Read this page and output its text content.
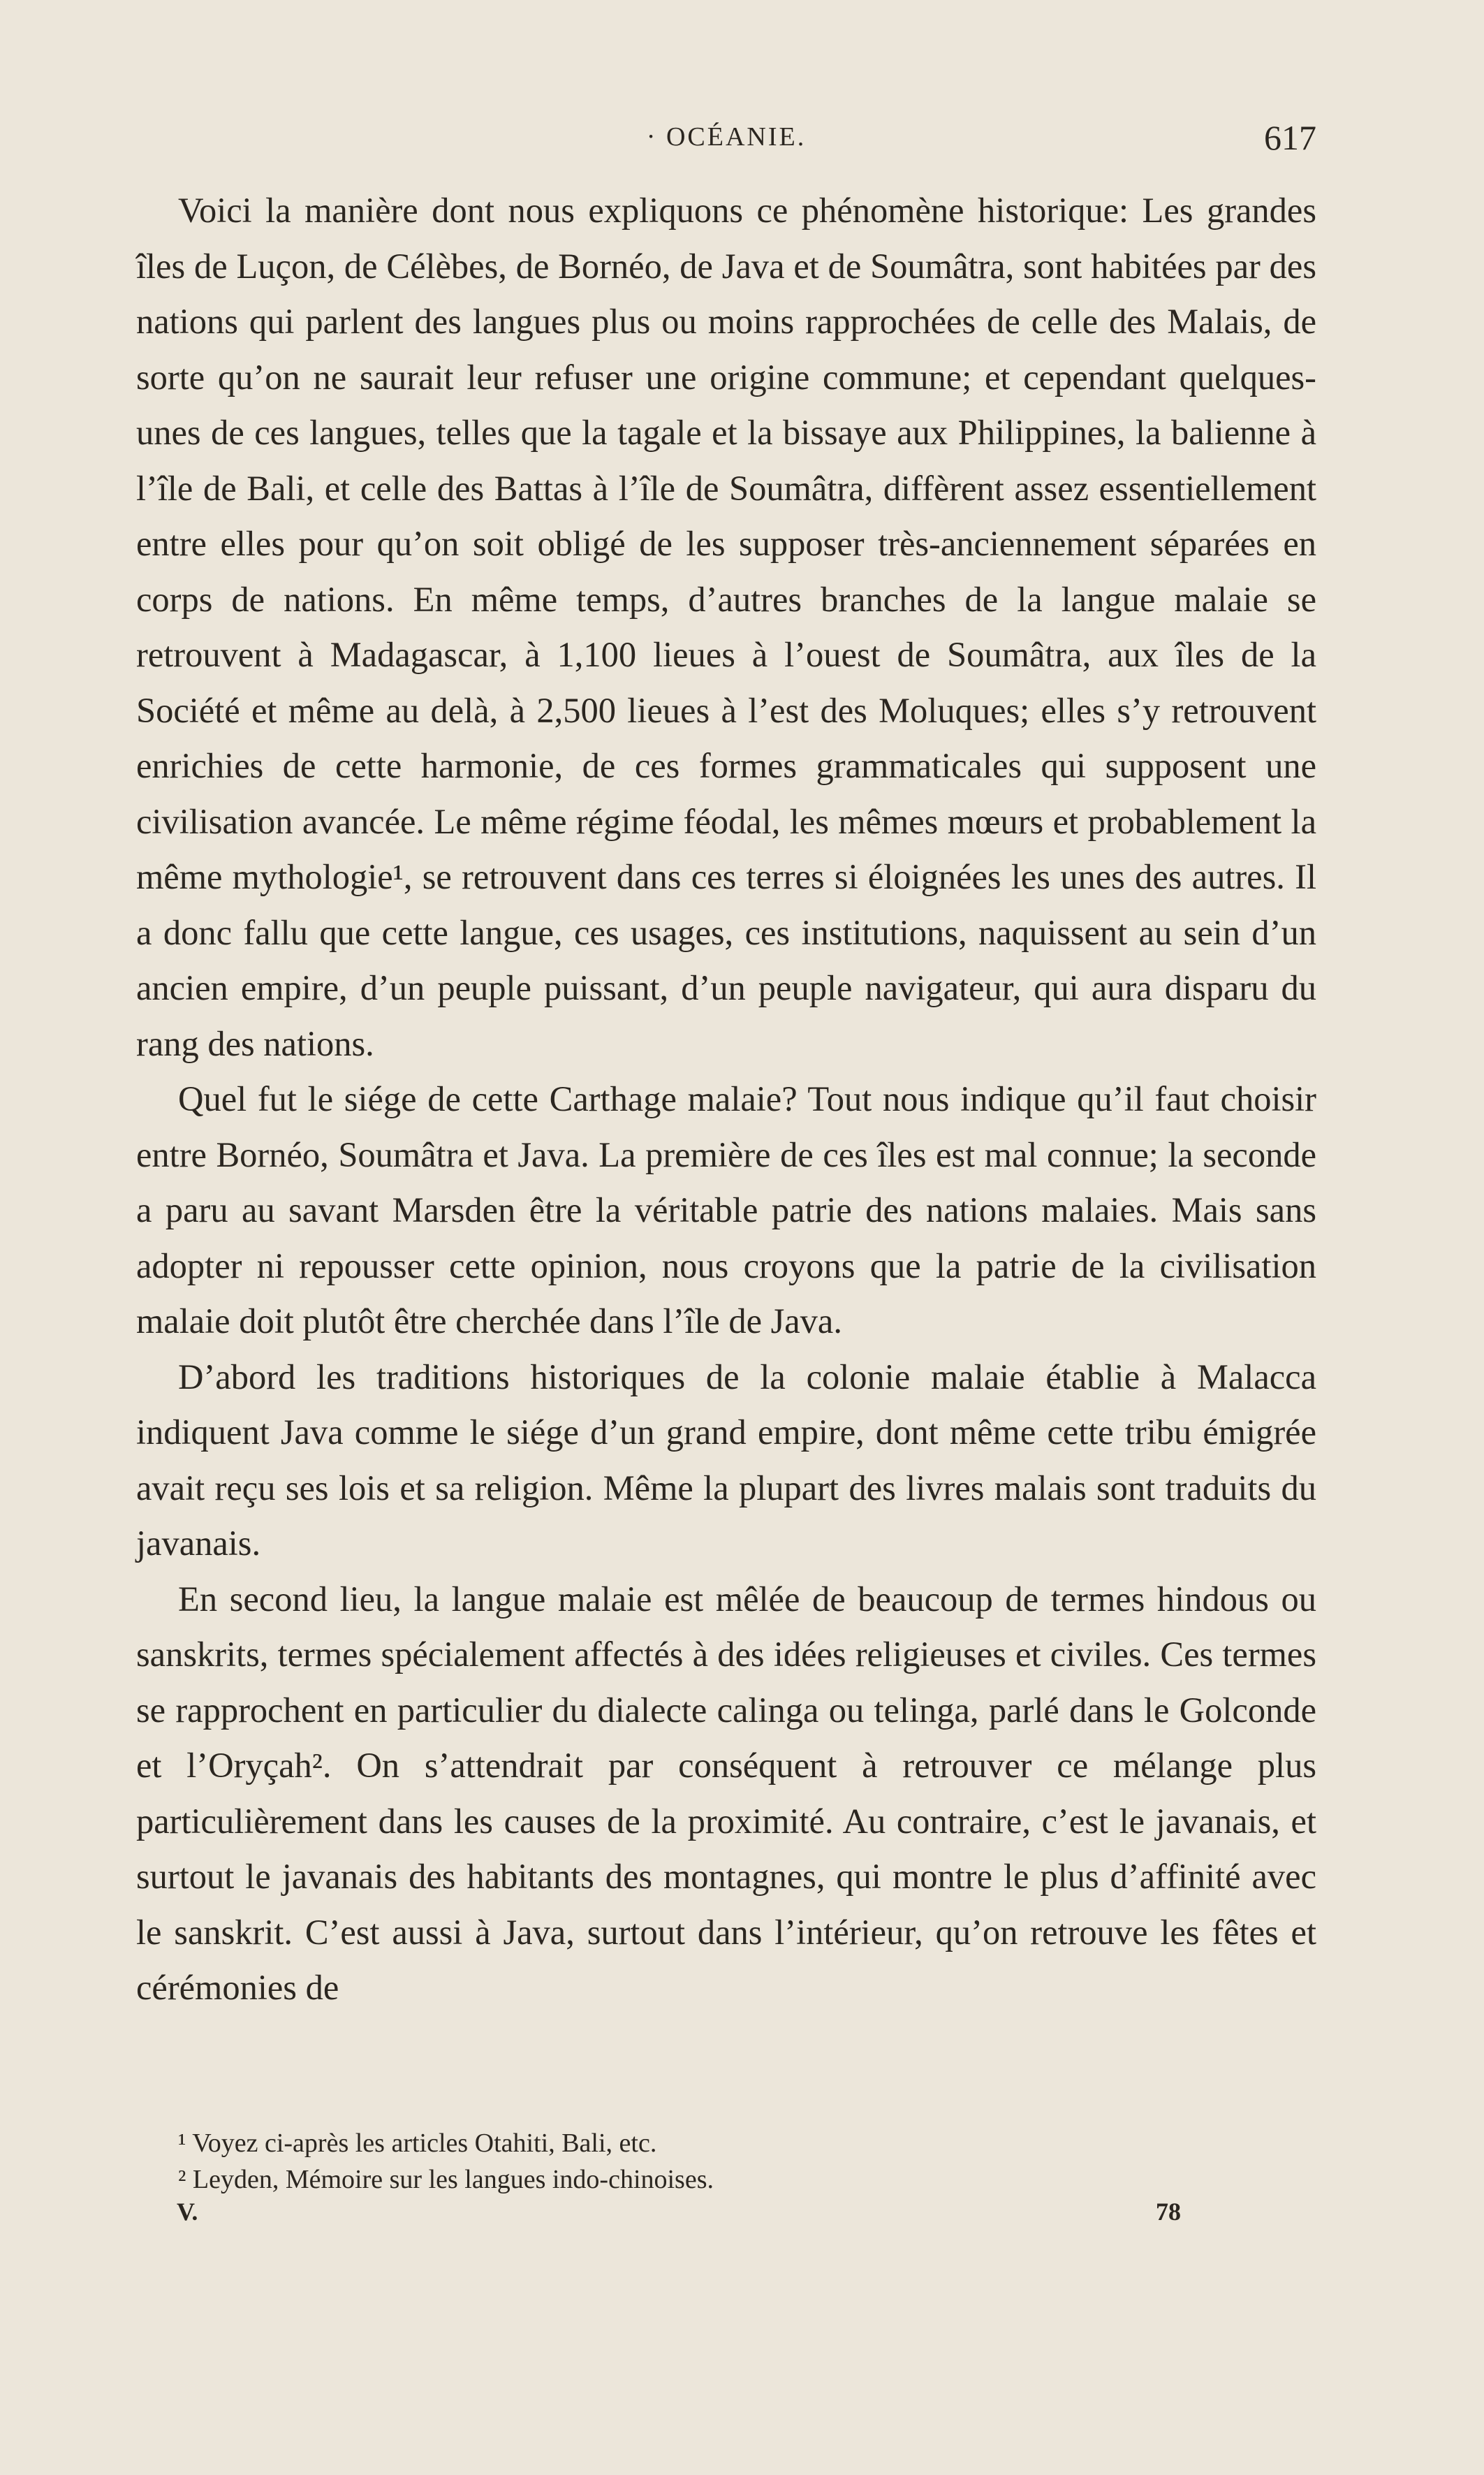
· OCÉANIE.	617

Voici la manière dont nous expliquons ce phénomène historique: Les grandes îles de Luçon, de Célèbes, de Bornéo, de Java et de Soumâtra, sont habitées par des nations qui parlent des langues plus ou moins rapprochées de celle des Malais, de sorte qu’on ne saurait leur refuser une origine commune; et cependant quelques-unes de ces langues, telles que la tagale et la bissaye aux Philippines, la balienne à l’île de Bali, et celle des Battas à l’île de Soumâtra, diffèrent assez essentiellement entre elles pour qu’on soit obligé de les supposer très-anciennement séparées en corps de nations. En même temps, d’autres branches de la langue malaie se retrouvent à Madagascar, à 1,100 lieues à l’ouest de Soumâtra, aux îles de la Société et même au delà, à 2,500 lieues à l’est des Moluques; elles s’y retrouvent enrichies de cette harmonie, de ces formes grammaticales qui supposent une civilisation avancée. Le même régime féodal, les mêmes mœurs et probablement la même mythologie¹, se retrouvent dans ces terres si éloignées les unes des autres. Il a donc fallu que cette langue, ces usages, ces institutions, naquissent au sein d’un ancien empire, d’un peuple puissant, d’un peuple navigateur, qui aura disparu du rang des nations.

Quel fut le siége de cette Carthage malaie? Tout nous indique qu’il faut choisir entre Bornéo, Soumâtra et Java. La première de ces îles est mal connue; la seconde a paru au savant Marsden être la véritable patrie des nations malaies. Mais sans adopter ni repousser cette opinion, nous croyons que la patrie de la civilisation malaie doit plutôt être cherchée dans l’île de Java.

D’abord les traditions historiques de la colonie malaie établie à Malacca indiquent Java comme le siége d’un grand empire, dont même cette tribu émigrée avait reçu ses lois et sa religion. Même la plupart des livres malais sont traduits du javanais.

En second lieu, la langue malaie est mêlée de beaucoup de termes hindous ou sanskrits, termes spécialement affectés à des idées religieuses et civiles. Ces termes se rapprochent en particulier du dialecte calinga ou telinga, parlé dans le Golconde et l’Oryçah². On s’attendrait par conséquent à retrouver ce mélange plus particulièrement dans les causes de la proximité. Au contraire, c’est le javanais, et surtout le javanais des habitants des montagnes, qui montre le plus d’affinité avec le sanskrit. C’est aussi à Java, surtout dans l’intérieur, qu’on retrouve les fêtes et cérémonies de

¹ Voyez ci-après les articles Otahiti, Bali, etc.

² Leyden, Mémoire sur les langues indo-chinoises.

V.	78
